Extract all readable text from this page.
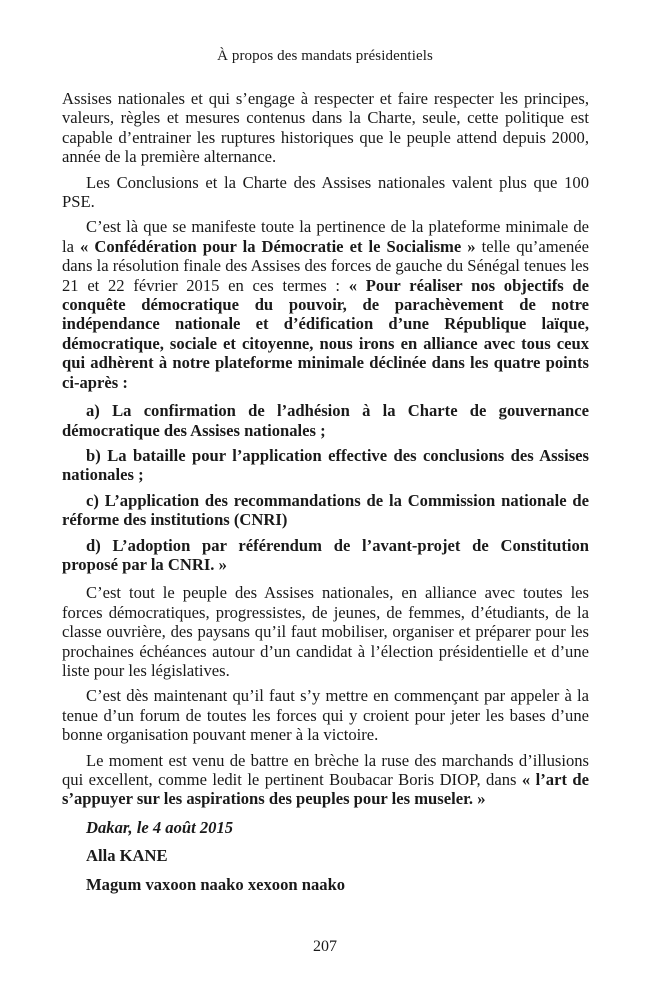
À propos des mandats présidentiels

Assises nationales et qui s’engage à respecter et faire respecter les principes, valeurs, règles et mesures contenus dans la Charte, seule, cette politique est capable d’entrainer les ruptures historiques que le peuple attend depuis 2000, année de la première alternance.

Les Conclusions et la Charte des Assises nationales valent plus que 100 PSE.

C’est là que se manifeste toute la pertinence de la plateforme minimale de la « Confédération pour la Démocratie et le Socialisme » telle qu’amenée dans la résolution finale des Assises des forces de gauche du Sénégal tenues les 21 et 22 février 2015 en ces termes : « Pour réaliser nos objectifs de conquête démocratique du pouvoir, de parachèvement de notre indépendance nationale et d’édification d’une République laïque, démocratique, sociale et citoyenne, nous irons en alliance avec tous ceux qui adhèrent à notre plateforme minimale déclinée dans les quatre points ci-après :

a) La confirmation de l’adhésion à la Charte de gouvernance démocratique des Assises nationales ;

b) La bataille pour l’application effective des conclusions des Assises nationales ;

c) L’application des recommandations de la Commission nationale de réforme des institutions (CNRI)

d) L’adoption par référendum de l’avant-projet de Constitution proposé par la CNRI. »

C’est tout le peuple des Assises nationales, en alliance avec toutes les forces démocratiques, progressistes, de jeunes, de femmes, d’étudiants, de la classe ouvrière, des paysans qu’il faut mobiliser, organiser et préparer pour les prochaines échéances autour d’un candidat à l’élection présidentielle et d’une liste pour les législatives.

C’est dès maintenant qu’il faut s’y mettre en commençant par appeler à la tenue d’un forum de toutes les forces qui y croient pour jeter les bases d’une bonne organisation pouvant mener à la victoire.

Le moment est venu de battre en brèche la ruse des marchands d’illusions qui excellent, comme ledit le pertinent Boubacar Boris DIOP, dans « l’art de s’appuyer sur les aspirations des peuples pour les museler. »

Dakar, le 4 août 2015

Alla KANE

Magum vaxoon naako xexoon naako

207
